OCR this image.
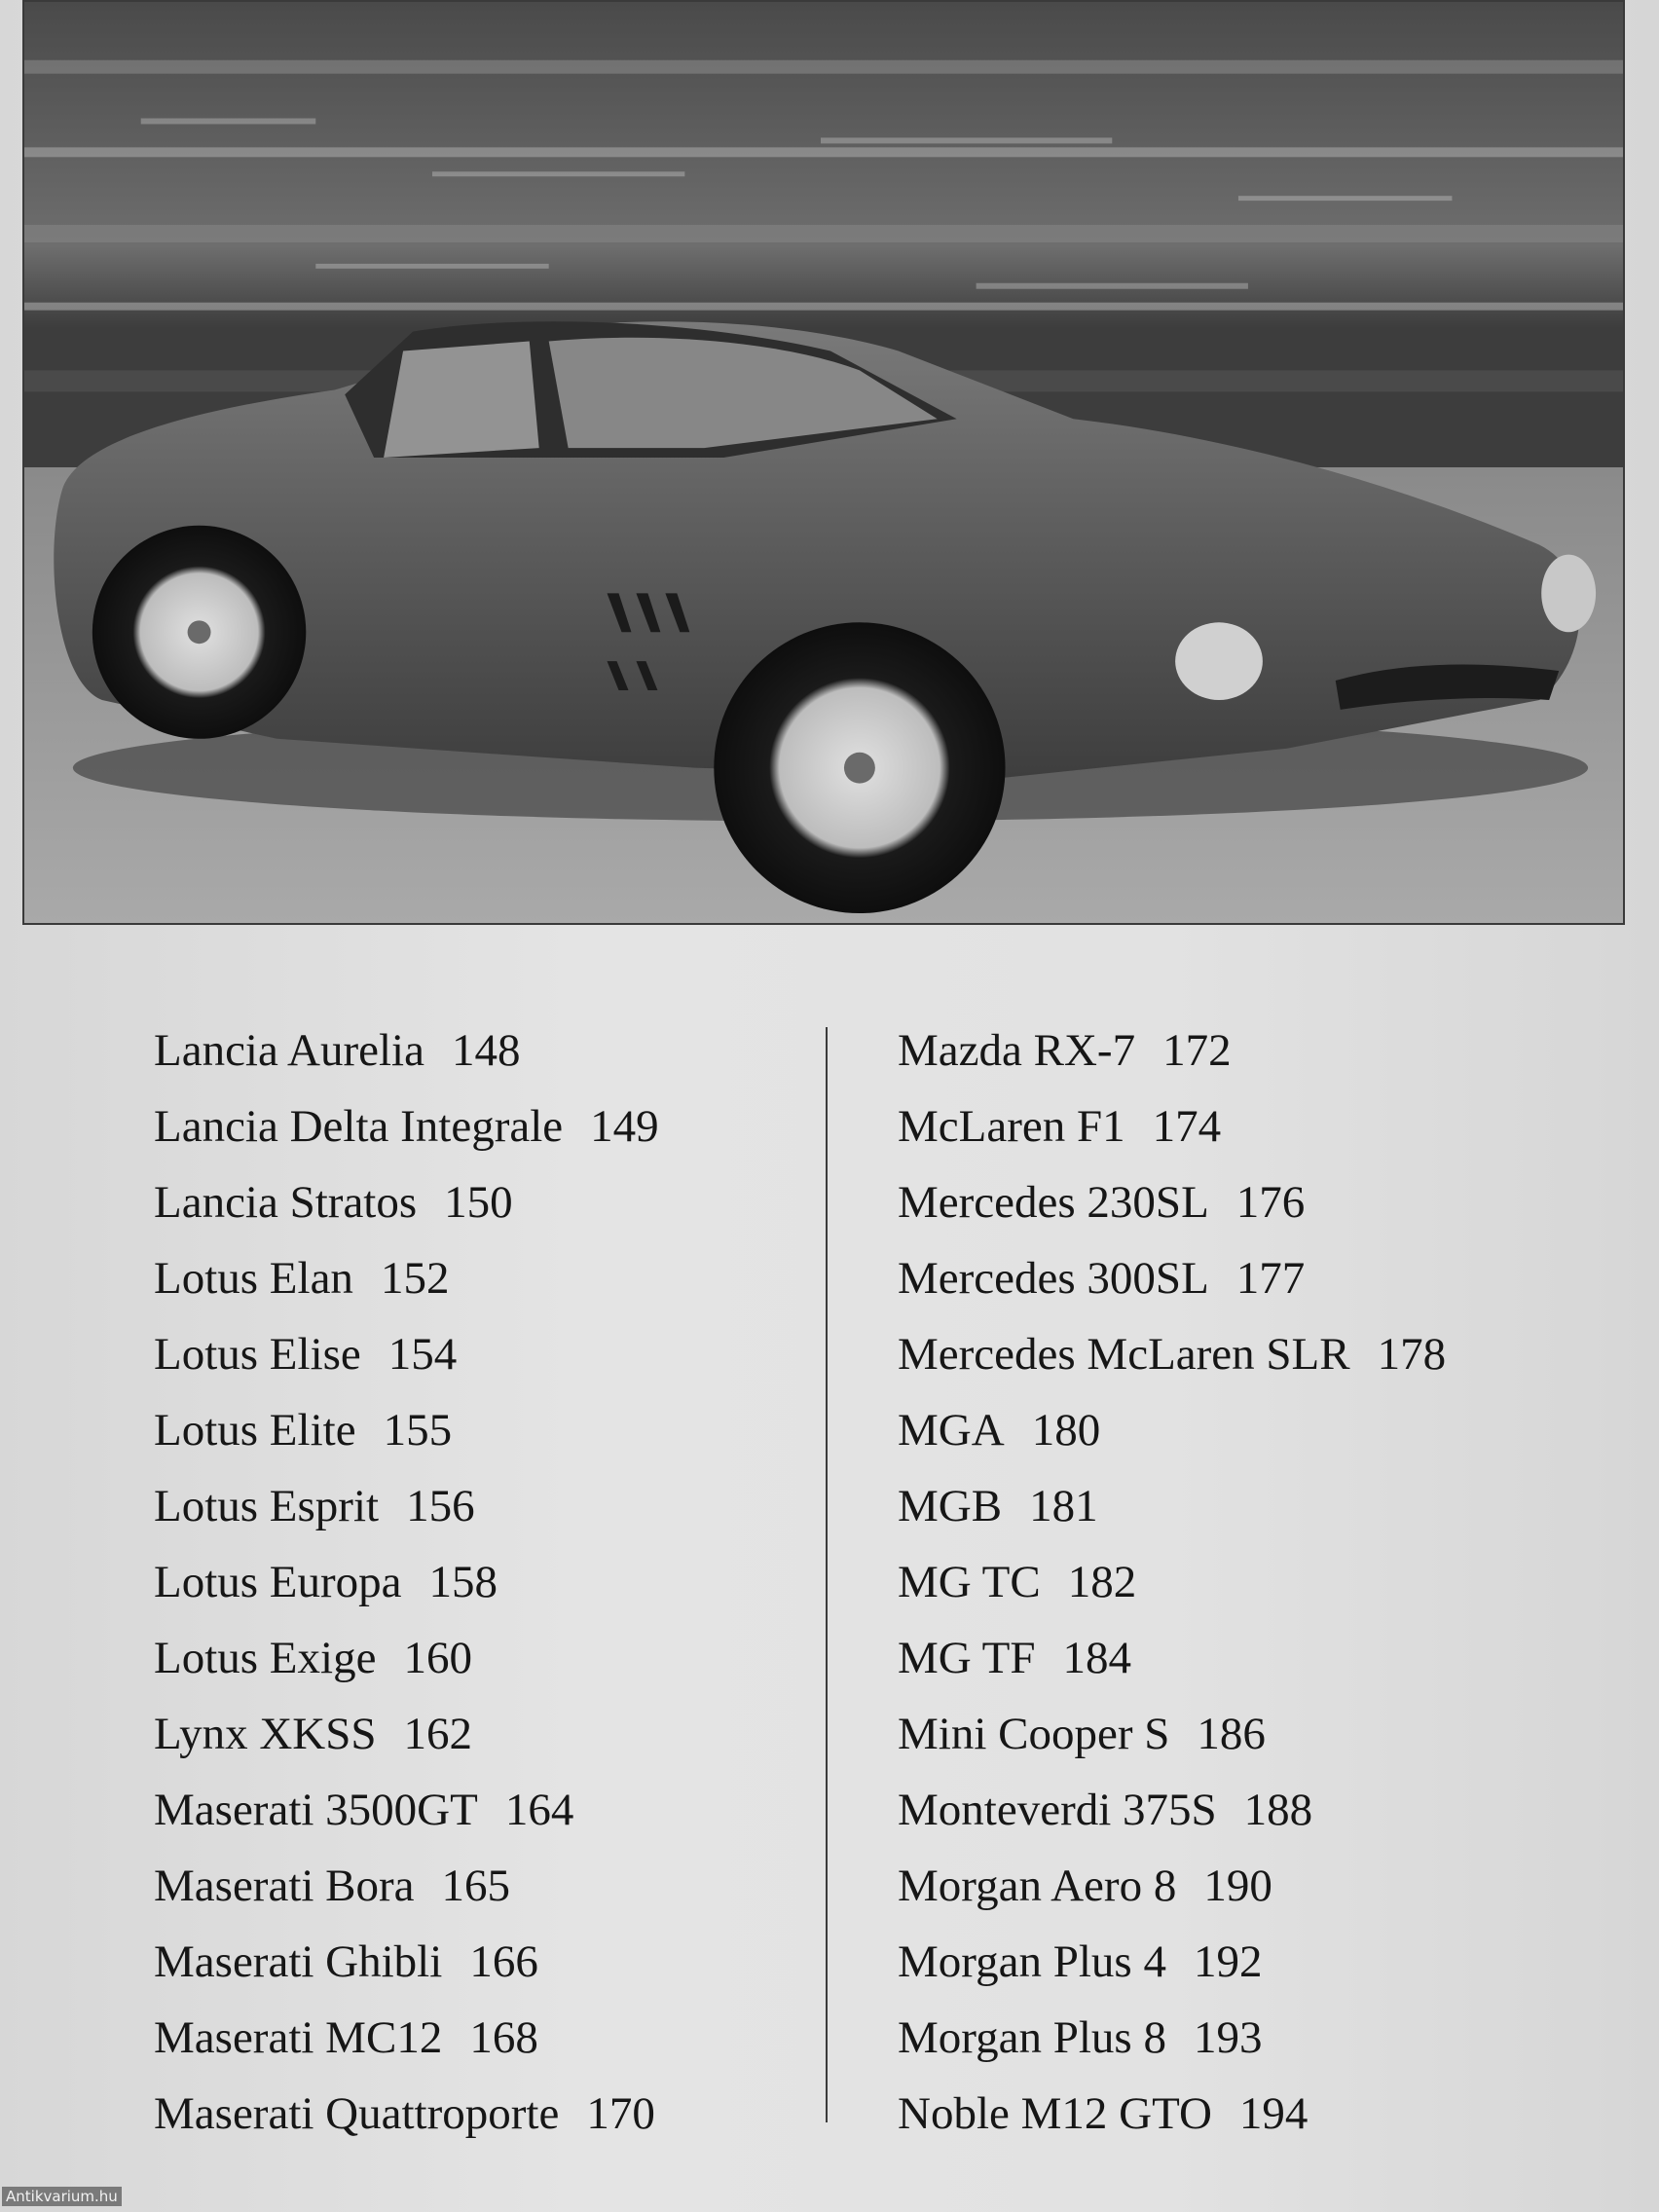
Lancia Aurelia 148
Lancia Delta Integrale 149
Lancia Stratos 150
Lotus Elan 152
Lotus Elise 154
Lotus Elite 155
Lotus Esprit 156
Lotus Europa 158
Lotus Exige 160
Lynx XKSS 162
Maserati 3500GT 164
Maserati Bora 165
Maserati Ghibli 166
Maserati MC12 168
Maserati Quattroporte 170
Mazda RX-7 172
McLaren F1 174
Mercedes 230SL 176
Mercedes 300SL 177
Mercedes McLaren SLR 178
MGA 180
MGB 181
MG TC 182
MG TF 184
Mini Cooper S 186
Monteverdi 375S 188
Morgan Aero 8 190
Morgan Plus 4 192
Morgan Plus 8 193
Noble M12 GTO 194
Antikvarium.hu
